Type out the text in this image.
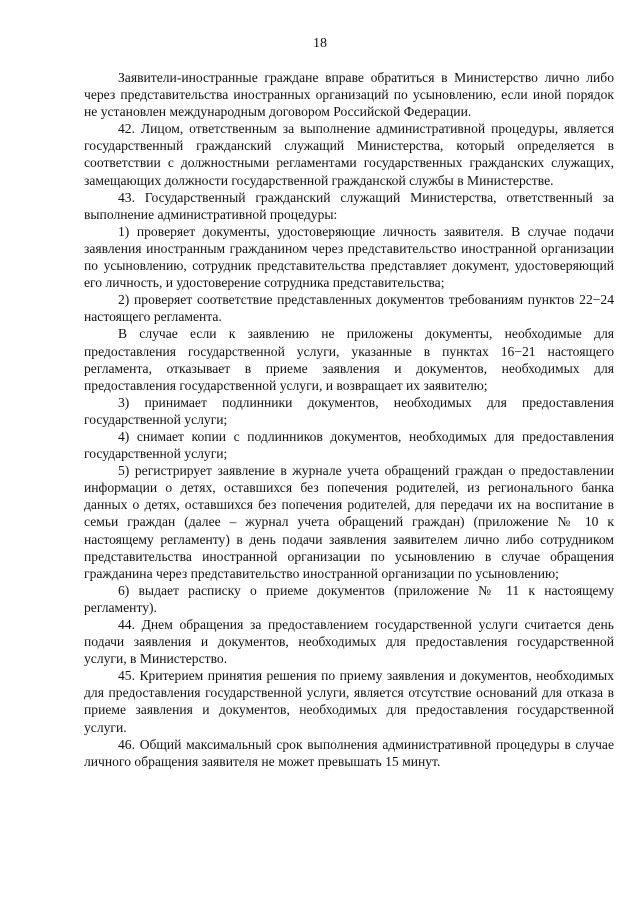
18

Заявители-иностранные граждане вправе обратиться в Министерство лично либо через представительства иностранных организаций по усыновлению, если иной порядок не установлен международным договором Российской Федерации.

42. Лицом, ответственным за выполнение административной процедуры, является государственный гражданский служащий Министерства, который определяется в соответствии с должностными регламентами государственных гражданских служащих, замещающих должности государственной гражданской службы в Министерстве.

43. Государственный гражданский служащий Министерства, ответственный за выполнение административной процедуры:

1) проверяет документы, удостоверяющие личность заявителя. В случае подачи заявления иностранным гражданином через представительство иностранной организации по усыновлению, сотрудник представительства представляет документ, удостоверяющий его личность, и удостоверение сотрудника представительства;

2) проверяет соответствие представленных документов требованиям пунктов 22−24 настоящего регламента.

В случае если к заявлению не приложены документы, необходимые для предоставления государственной услуги, указанные в пунктах 16−21 настоящего регламента, отказывает в приеме заявления и документов, необходимых для предоставления государственной услуги, и возвращает их заявителю;

3) принимает подлинники документов, необходимых для предоставления государственной услуги;

4) снимает копии с подлинников документов, необходимых для предоставления государственной услуги;

5) регистрирует заявление в журнале учета обращений граждан о предоставлении информации о детях, оставшихся без попечения родителей, из регионального банка данных о детях, оставшихся без попечения родителей, для передачи их на воспитание в семьи граждан (далее – журнал учета обращений граждан) (приложение № 10 к настоящему регламенту) в день подачи заявления заявителем лично либо сотрудником представительства иностранной организации по усыновлению в случае обращения гражданина через представительство иностранной организации по усыновлению;

6) выдает расписку о приеме документов (приложение № 11 к настоящему регламенту).

44. Днем обращения за предоставлением государственной услуги считается день подачи заявления и документов, необходимых для предоставления государственной услуги, в Министерство.

45. Критерием принятия решения по приему заявления и документов, необходимых для предоставления государственной услуги, является отсутствие оснований для отказа в приеме заявления и документов, необходимых для предоставления государственной услуги.

46. Общий максимальный срок выполнения административной процедуры в случае личного обращения заявителя не может превышать 15 минут.
